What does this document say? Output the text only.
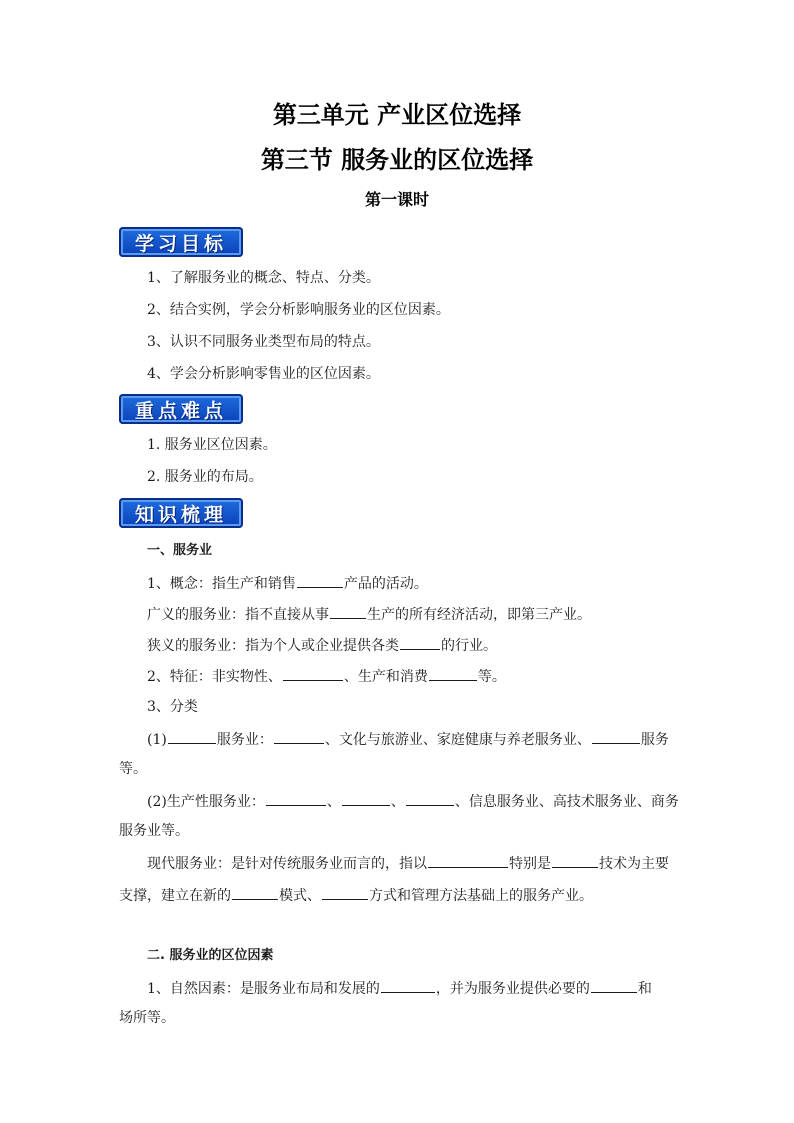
第三单元 产业区位选择
第三节 服务业的区位选择
第一课时
学习目标
1、了解服务业的概念、特点、分类。
2、结合实例，学会分析影响服务业的区位因素。
3、认识不同服务业类型布局的特点。
4、学会分析影响零售业的区位因素。
重点难点
1. 服务业区位因素。
2. 服务业的布局。
知识梳理
一、服务业
1、概念：指生产和销售	产品的活动。
广义的服务业：指不直接从事	生产的所有经济活动，即第三产业。
狭义的服务业：指为个人或企业提供各类	的行业。
2、特征：非实物性、	、生产和消费	等。
3、分类
(1)	服务业：	、文化与旅游业、家庭健康与养老服务业、	服务
等。
(2)生产性服务业：	、	、	、信息服务业、高技术服务业、商务
服务业等。
现代服务业：是针对传统服务业而言的，指以	特别是	技术为主要
支撑，建立在新的	模式、	方式和管理方法基础上的服务产业。
二. 服务业的区位因素
1、自然因素：是服务业布局和发展的	，并为服务业提供必要的	和
场所等。
